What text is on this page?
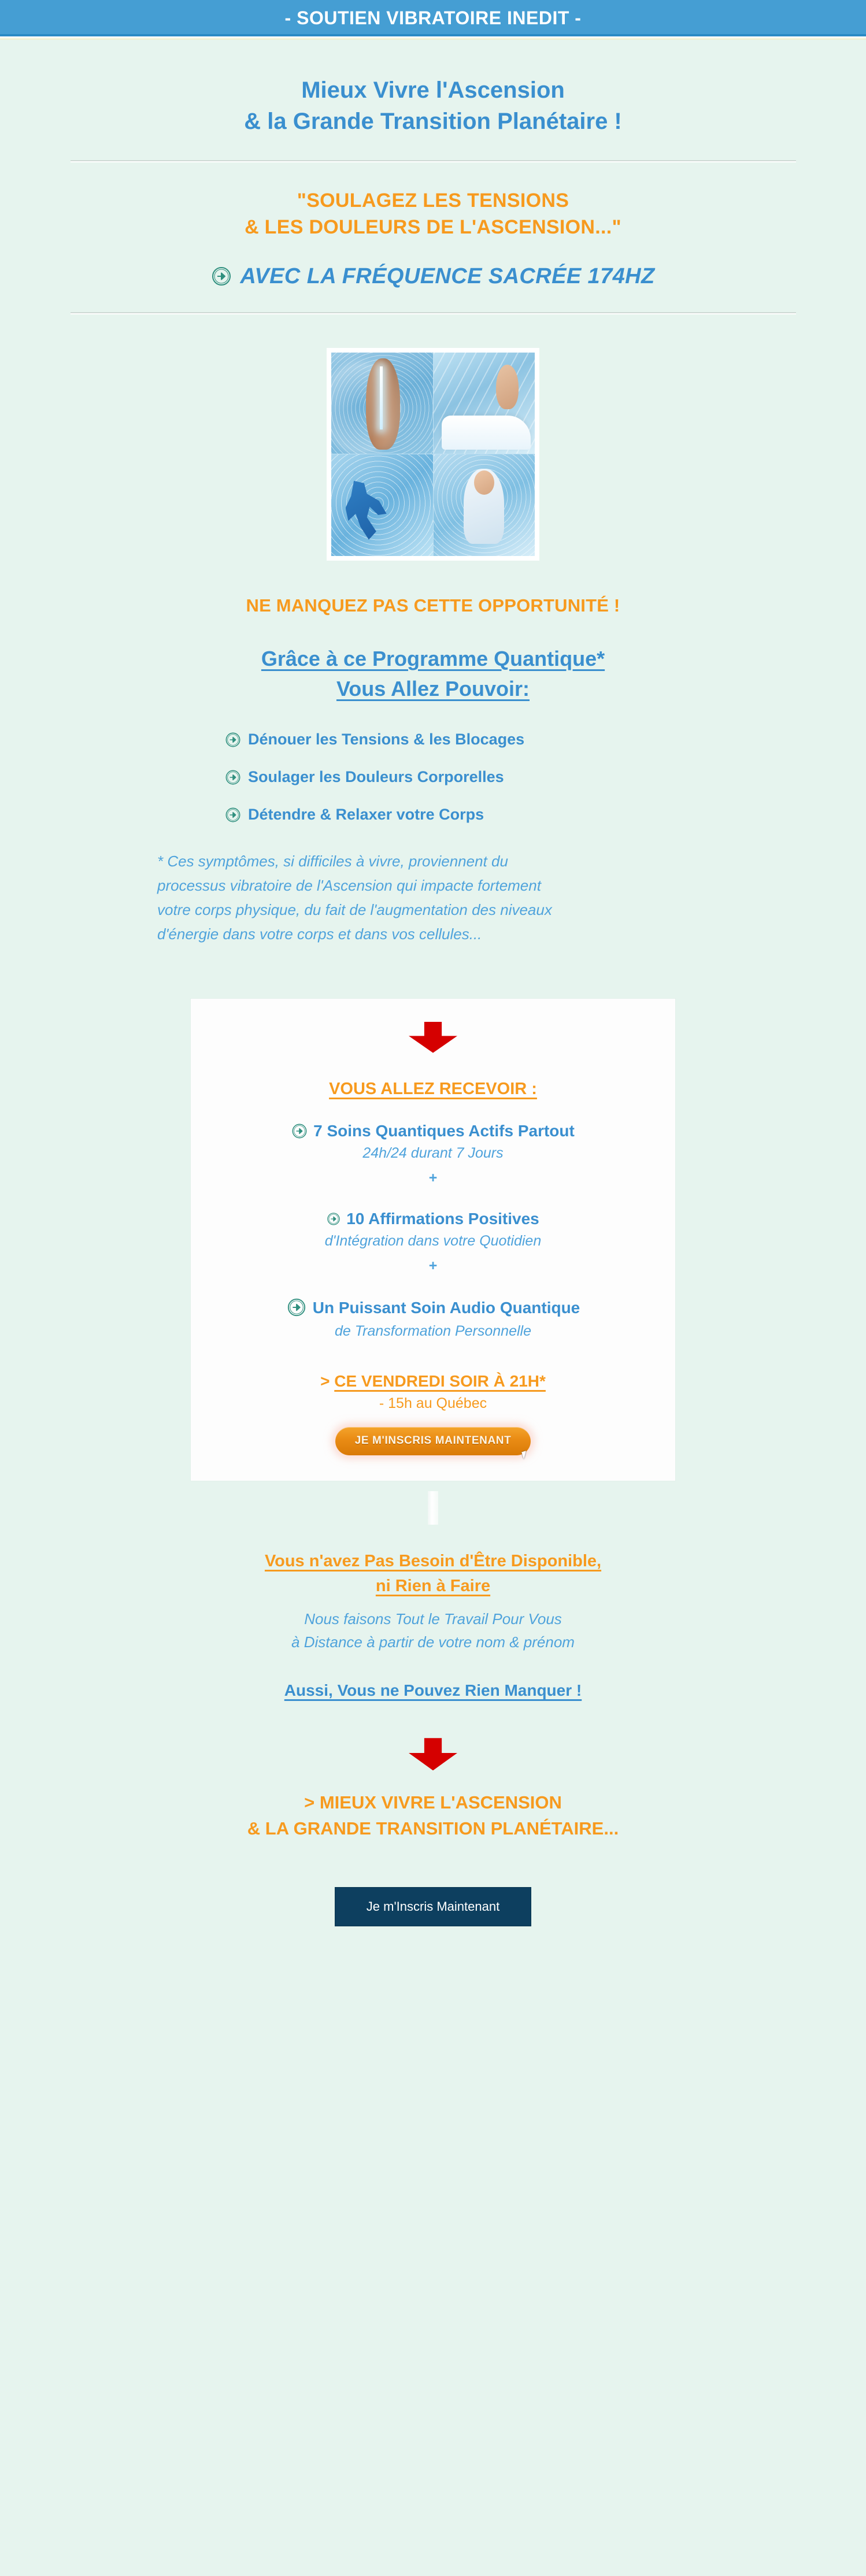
- SOUTIEN VIBRATOIRE INEDIT -
Mieux Vivre l'Ascension
& la Grande Transition Planétaire !
"SOULAGEZ LES TENSIONS
& LES DOULEURS DE L'ASCENSION..."
AVEC LA FRÉQUENCE SACRÉE 174HZ
NE MANQUEZ PAS CETTE OPPORTUNITÉ !
Grâce à ce Programme Quantique*
Vous Allez Pouvoir:
Dénouer les Tensions & les Blocages
Soulager les Douleurs Corporelles
Détendre & Relaxer votre Corps
* Ces symptômes, si difficiles à vivre, proviennent du
processus vibratoire de l'Ascension qui impacte fortement
votre corps physique, du fait de l'augmentation des niveaux
d'énergie dans votre corps et dans vos cellules...
VOUS ALLEZ RECEVOIR :
7 Soins Quantiques Actifs Partout
24h/24 durant 7 Jours
+
10 Affirmations Positives
d'Intégration dans votre Quotidien
+
Un Puissant Soin Audio Quantique
de Transformation Personnelle
> CE VENDREDI SOIR À 21H*
- 15h au Québec
JE M'INSCRIS MAINTENANT
Vous n'avez Pas Besoin d'Être Disponible,
ni Rien à Faire
Nous faisons Tout le Travail Pour Vous
à Distance à partir de votre nom & prénom
Aussi, Vous ne Pouvez Rien Manquer !
> MIEUX VIVRE L'ASCENSION
& LA GRANDE TRANSITION PLANÉTAIRE...
Je m'Inscris Maintenant
